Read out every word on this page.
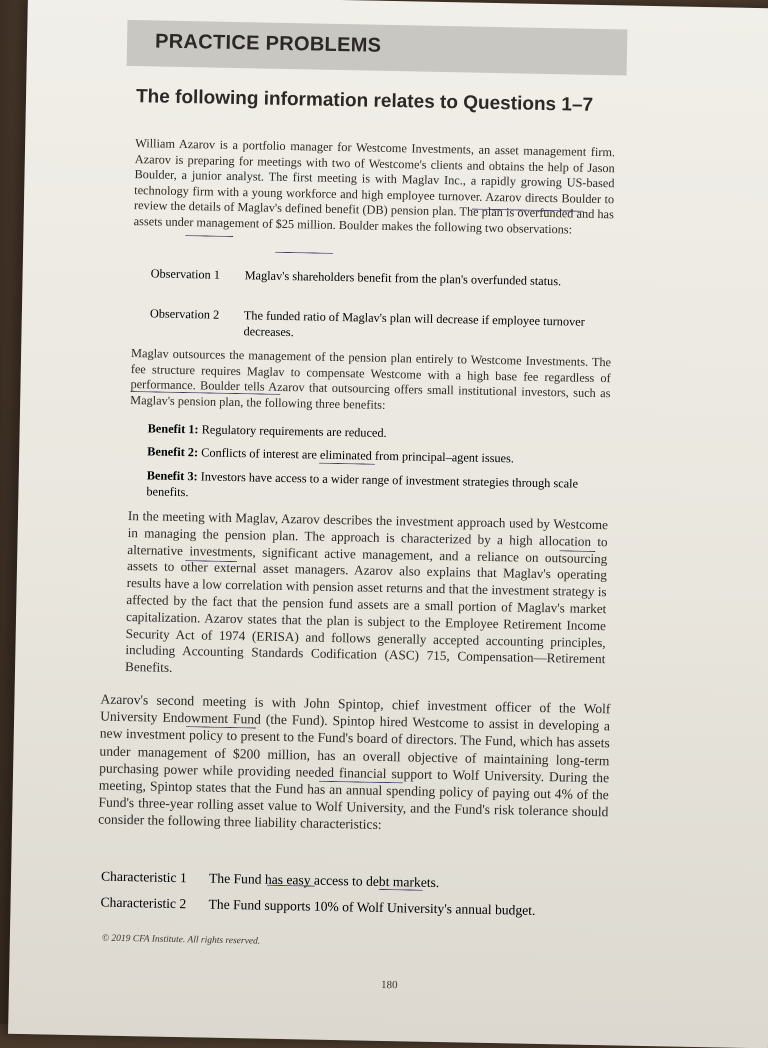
PRACTICE PROBLEMS
The following information relates to Questions 1–7
William Azarov is a portfolio manager for Westcome Investments, an asset management firm. Azarov is preparing for meetings with two of Westcome's clients and obtains the help of Jason Boulder, a junior analyst. The first meeting is with Maglav Inc., a rapidly growing US-based technology firm with a young workforce and high employee turnover. Azarov directs Boulder to review the details of Maglav's defined benefit (DB) pension plan. The plan is overfunded and has assets under management of $25 million. Boulder makes the following two observations:
Observation 1	Maglav's shareholders benefit from the plan's overfunded status.
Observation 2	The funded ratio of Maglav's plan will decrease if employee turnover decreases.
Maglav outsources the management of the pension plan entirely to Westcome Investments. The fee structure requires Maglav to compensate Westcome with a high base fee regardless of performance. Boulder tells Azarov that outsourcing offers small institutional investors, such as Maglav's pension plan, the following three benefits:
Benefit 1: Regulatory requirements are reduced.
Benefit 2: Conflicts of interest are eliminated from principal–agent issues.
Benefit 3: Investors have access to a wider range of investment strategies through scale benefits.
In the meeting with Maglav, Azarov describes the investment approach used by Westcome in managing the pension plan. The approach is characterized by a high allocation to alternative investments, significant active management, and a reliance on outsourcing assets to other external asset managers. Azarov also explains that Maglav's operating results have a low correlation with pension asset returns and that the investment strategy is affected by the fact that the pension fund assets are a small portion of Maglav's market capitalization. Azarov states that the plan is subject to the Employee Retirement Income Security Act of 1974 (ERISA) and follows generally accepted accounting principles, including Accounting Standards Codification (ASC) 715, Compensation—Retirement Benefits.
Azarov's second meeting is with John Spintop, chief investment officer of the Wolf University Endowment Fund (the Fund). Spintop hired Westcome to assist in developing a new investment policy to present to the Fund's board of directors. The Fund, which has assets under management of $200 million, has an overall objective of maintaining long-term purchasing power while providing needed financial support to Wolf University. During the meeting, Spintop states that the Fund has an annual spending policy of paying out 4% of the Fund's three-year rolling asset value to Wolf University, and the Fund's risk tolerance should consider the following three liability characteristics:
Characteristic 1	The Fund has easy access to debt markets.
Characteristic 2	The Fund supports 10% of Wolf University's annual budget.
© 2019 CFA Institute. All rights reserved.
180
